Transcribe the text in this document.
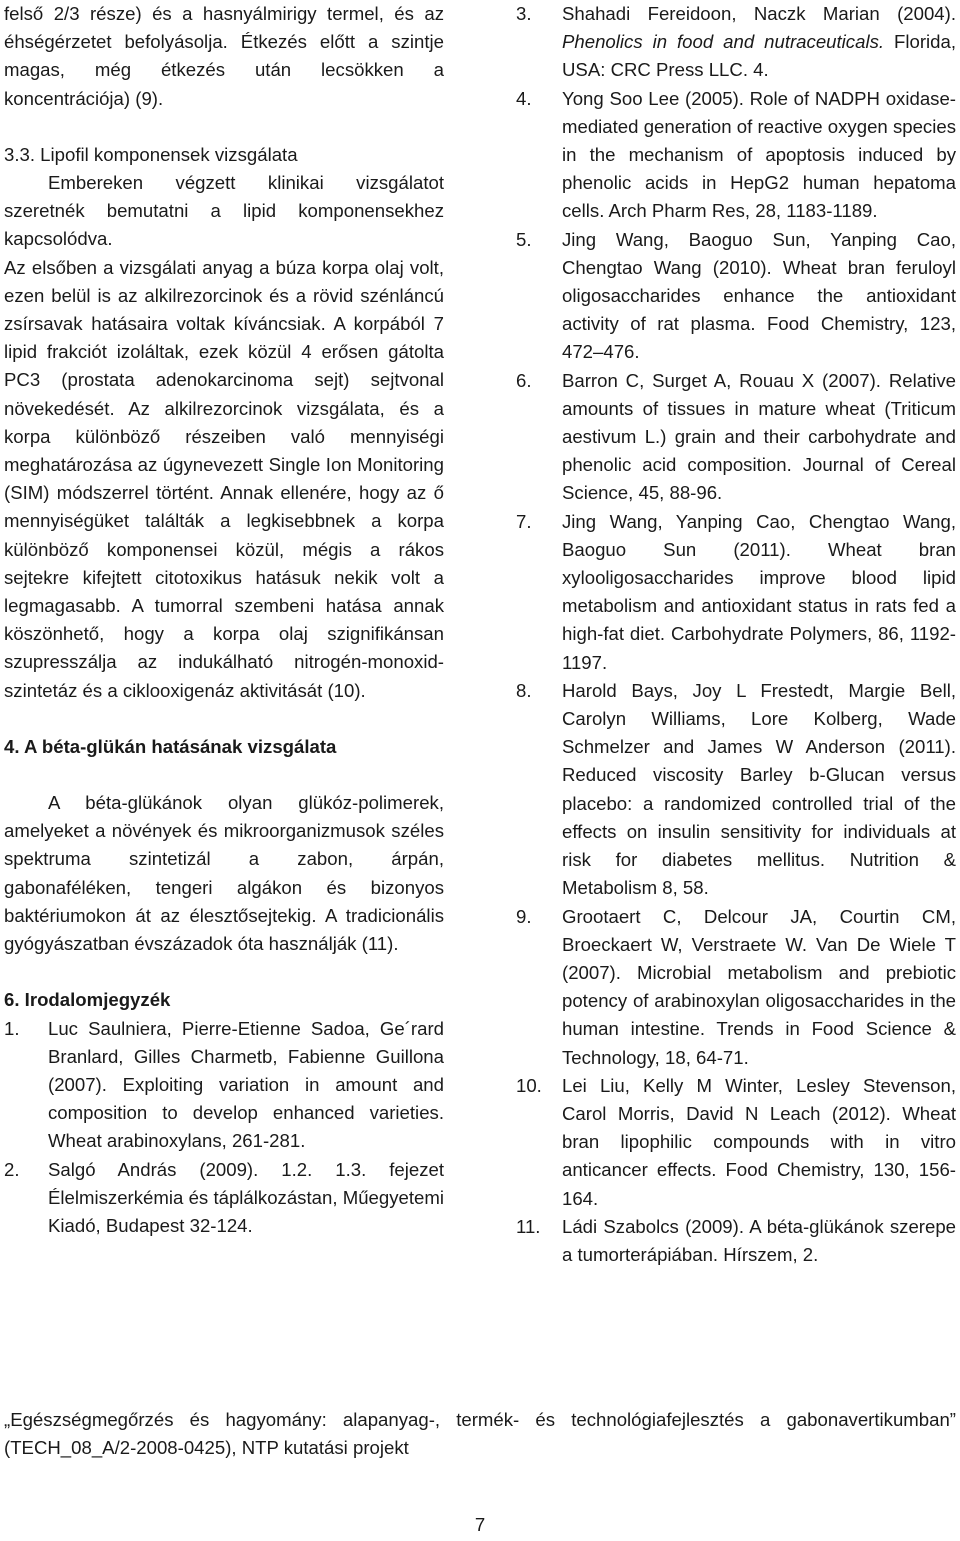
felső 2/3 része) és a hasnyálmirigy termel, és az éhségérzetet befolyásolja. Étkezés előtt a szintje magas, még étkezés után lecsökken a koncentrációja) (9).

3.3. Lipofil komponensek vizsgálata

Embereken végzett klinikai vizsgálatot szeretnék bemutatni a lipid komponensekhez kapcsolódva.

Az elsőben a vizsgálati anyag a búza korpa olaj volt, ezen belül is az alkilrezorcinok és a rövid szénláncú zsírsavak hatásaira voltak kíváncsiak. A korpából 7 lipid frakciót izoláltak, ezek közül 4 erősen gátolta PC3 (prostata adenokarcinoma sejt) sejtvonal növekedését. Az alkilrezorcinok vizsgálata, és a korpa különböző részeiben való mennyiségi meghatározása az úgynevezett Single Ion Monitoring (SIM) módszerrel történt. Annak ellenére, hogy az ő mennyiségüket találták a legkisebbnek a korpa különböző komponensei közül, mégis a rákos sejtekre kifejtett citotoxikus hatásuk nekik volt a legmagasabb. A tumorral szembeni hatása annak köszönhető, hogy a korpa olaj szignifikánsan szupresszálja az indukálható nitrogén-monoxid-szintetáz és a ciklooxigenáz aktivitását (10).

4. A béta-glükán hatásának vizsgálata

A béta-glükánok olyan glükóz-polimerek, amelyeket a növények és mikroorganizmusok széles spektruma szintetizál a zabon, árpán, gabonaféléken, tengeri algákon és bizonyos baktériumokon át az élesztősejtekig. A tradicionális gyógyászatban évszázadok óta használják (11).

6. Irodalomjegyzék

1. Luc Saulniera, Pierre-Etienne Sadoa, Ge´rard Branlard, Gilles Charmetb, Fabienne Guillona (2007). Exploiting variation in amount and composition to develop enhanced varieties. Wheat arabinoxylans, 261-281.

2. Salgó András (2009). 1.2. 1.3. fejezet Élelmiszerkémia és táplálkozástan, Műegyetemi Kiadó, Budapest 32-124.

3. Shahadi Fereidoon, Naczk Marian (2004). Phenolics in food and nutraceuticals. Florida, USA: CRC Press LLC. 4.

4. Yong Soo Lee (2005). Role of NADPH oxidase-mediated generation of reactive oxygen species in the mechanism of apoptosis induced by phenolic acids in HepG2 human hepatoma cells. Arch Pharm Res, 28, 1183-1189.

5. Jing Wang, Baoguo Sun, Yanping Cao, Chengtao Wang (2010). Wheat bran feruloyl oligosaccharides enhance the antioxidant activity of rat plasma. Food Chemistry, 123, 472–476.

6. Barron C, Surget A, Rouau X (2007). Relative amounts of tissues in mature wheat (Triticum aestivum L.) grain and their carbohydrate and phenolic acid composition. Journal of Cereal Science, 45, 88-96.

7. Jing Wang, Yanping Cao, Chengtao Wang, Baoguo Sun (2011). Wheat bran xylooligosaccharides improve blood lipid metabolism and antioxidant status in rats fed a high-fat diet. Carbohydrate Polymers, 86, 1192-1197.

8. Harold Bays, Joy L Frestedt, Margie Bell, Carolyn Williams, Lore Kolberg, Wade Schmelzer and James W Anderson (2011). Reduced viscosity Barley b-Glucan versus placebo: a randomized controlled trial of the effects on insulin sensitivity for individuals at risk for diabetes mellitus. Nutrition & Metabolism 8, 58.

9. Grootaert C, Delcour JA, Courtin CM, Broeckaert W, Verstraete W. Van De Wiele T (2007). Microbial metabolism and prebiotic potency of arabinoxylan oligosaccharides in the human intestine. Trends in Food Science & Technology, 18, 64-71.

10. Lei Liu, Kelly M Winter, Lesley Stevenson, Carol Morris, David N Leach (2012). Wheat bran lipophilic compounds with in vitro anticancer effects. Food Chemistry, 130, 156-164.

11. Ládi Szabolcs (2009). A béta-glükánok szerepe a tumorterápiában. Hírszem, 2.

„Egészségmegőrzés és hagyomány: alapanyag-, termék- és technológiafejlesztés a gabonavertikumban” (TECH_08_A/2-2008-0425), NTP kutatási projekt

7
